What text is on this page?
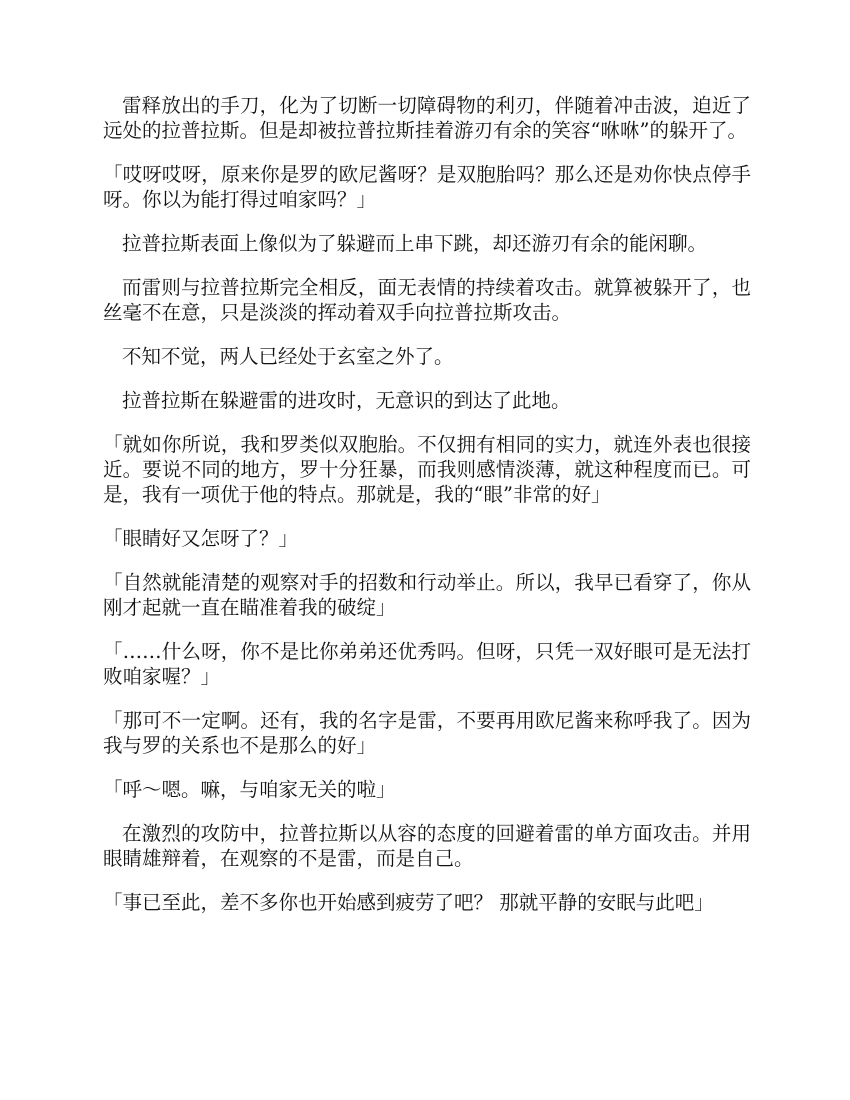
雷释放出的手刀，化为了切断一切障碍物的利刃，伴随着冲击波，迫近了远处的拉普拉斯。但是却被拉普拉斯挂着游刃有余的笑容“咻咻”的躲开了。

「哎呀哎呀，原来你是罗的欧尼酱呀？是双胞胎吗？那么还是劝你快点停手呀。你以为能打得过咱家吗？」

拉普拉斯表面上像似为了躲避而上串下跳，却还游刃有余的能闲聊。

而雷则与拉普拉斯完全相反，面无表情的持续着攻击。就算被躲开了，也丝毫不在意，只是淡淡的挥动着双手向拉普拉斯攻击。

不知不觉，两人已经处于玄室之外了。

拉普拉斯在躲避雷的进攻时，无意识的到达了此地。

「就如你所说，我和罗类似双胞胎。不仅拥有相同的实力，就连外表也很接近。要说不同的地方，罗十分狂暴，而我则感情淡薄，就这种程度而已。可是，我有一项优于他的特点。那就是，我的“眼”非常的好」

「眼睛好又怎呀了？」

「自然就能清楚的观察对手的招数和行动举止。所以，我早已看穿了，你从刚才起就一直在瞄准着我的破绽」

「……什么呀，你不是比你弟弟还优秀吗。但呀，只凭一双好眼可是无法打败咱家喔？」

「那可不一定啊。还有，我的名字是雷，不要再用欧尼酱来称呼我了。因为我与罗的关系也不是那么的好」

「呼～嗯。嘛，与咱家无关的啦」

在激烈的攻防中，拉普拉斯以从容的态度的回避着雷的单方面攻击。并用眼睛雄辩着，在观察的不是雷，而是自己。

「事已至此，差不多你也开始感到疲劳了吧？ 那就平静的安眠与此吧」
